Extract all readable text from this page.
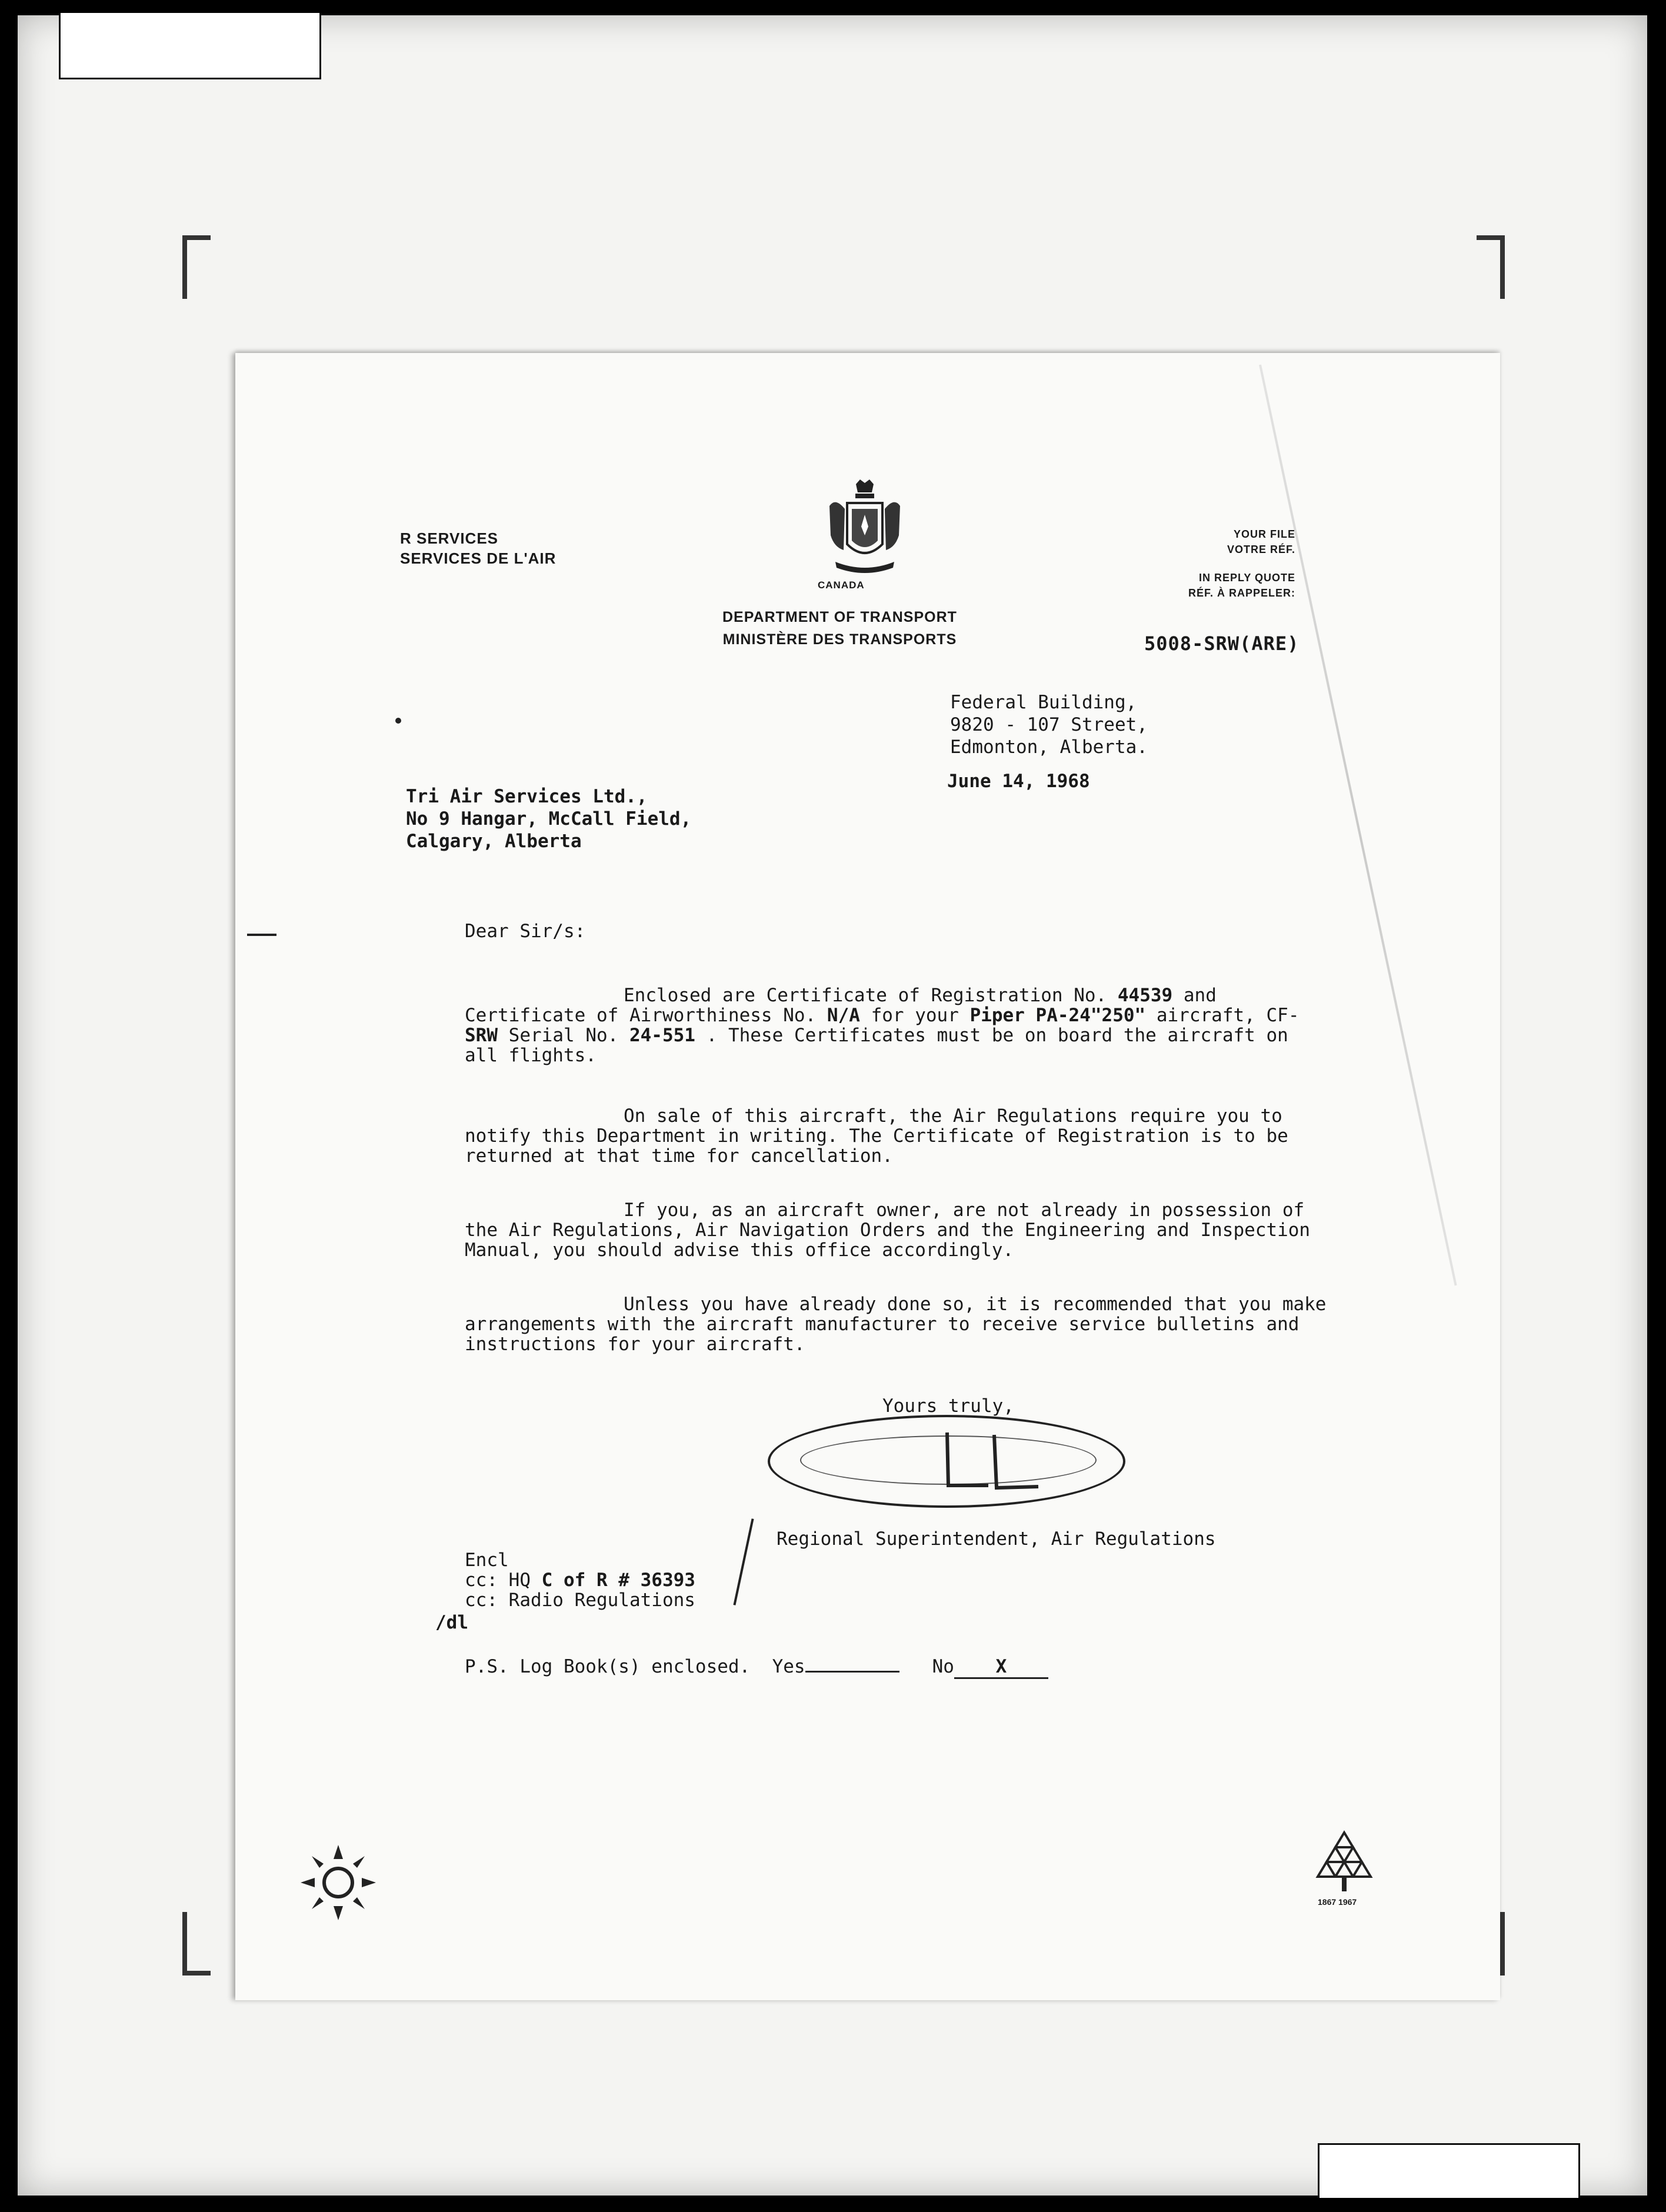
R SERVICES
SERVICES DE L'AIR
CANADA
DEPARTMENT OF TRANSPORT
MINISTÈRE DES TRANSPORTS
YOUR FILE
VOTRE RÉF.
IN REPLY QUOTE
RÉF. À RAPPELER:
5008-SRW(ARE)
Federal Building,
9820 - 107 Street,
Edmonton, Alberta.
June 14, 1968
Tri Air Services Ltd.,
No 9 Hangar, McCall Field,
Calgary, Alberta
Dear Sir/s:
Enclosed are Certificate of Registration No. 44539 and Certificate of Airworthiness No. N/A for your Piper PA-24"250" aircraft, CF-SRW Serial No. 24-551 . These Certificates must be on board the aircraft on all flights.
On sale of this aircraft, the Air Regulations require you to notify this Department in writing. The Certificate of Registration is to be returned at that time for cancellation.
If you, as an aircraft owner, are not already in possession of the Air Regulations, Air Navigation Orders and the Engineering and Inspection Manual, you should advise this office accordingly.
Unless you have already done so, it is recommended that you make arrangements with the aircraft manufacturer to receive service bulletins and instructions for your aircraft.
Yours truly,
Regional Superintendent, Air Regulations
Encl
cc: HQ C of R # 36393
cc: Radio Regulations
/dl
P.S. Log Book(s) enclosed. Yes	No X
1867 1967
